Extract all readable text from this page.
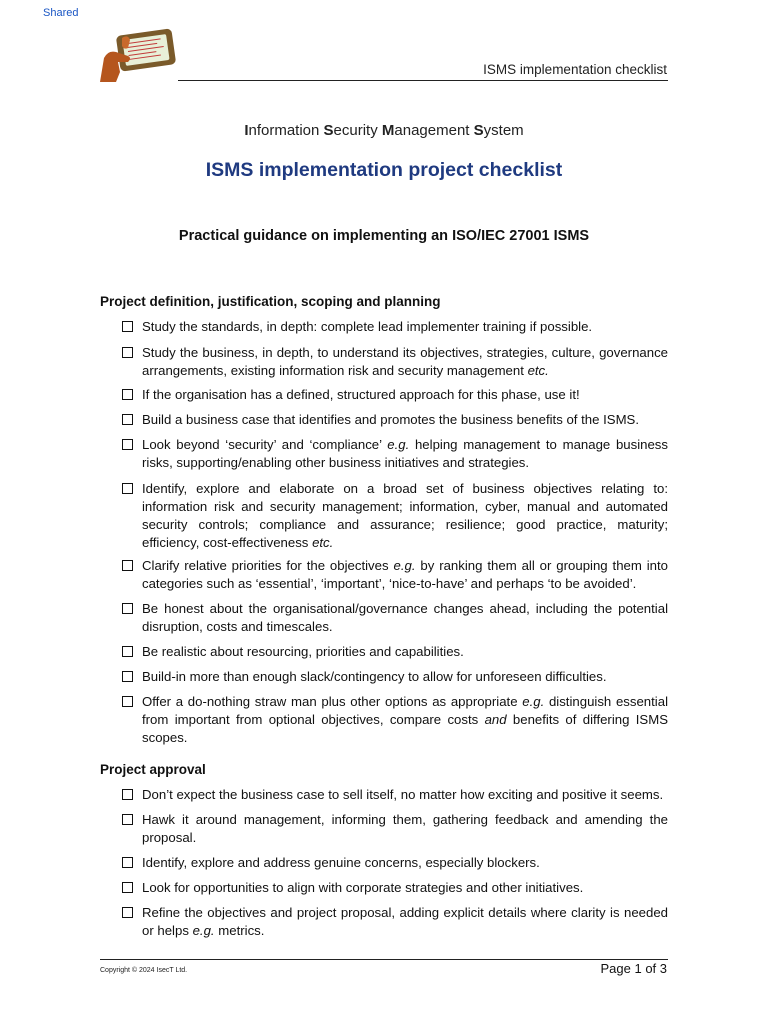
Shared
ISMS implementation checklist
Information Security Management System
ISMS implementation project checklist
Practical guidance on implementing an ISO/IEC 27001 ISMS
Project definition, justification, scoping and planning
Study the standards, in depth: complete lead implementer training if possible.
Study the business, in depth, to understand its objectives, strategies, culture, governance arrangements, existing information risk and security management etc.
If the organisation has a defined, structured approach for this phase, use it!
Build a business case that identifies and promotes the business benefits of the ISMS.
Look beyond ‘security’ and ‘compliance’ e.g. helping management to manage business risks, supporting/enabling other business initiatives and strategies.
Identify, explore and elaborate on a broad set of business objectives relating to: information risk and security management; information, cyber, manual and automated security controls; compliance and assurance; resilience; good practice, maturity; efficiency, cost-effectiveness etc.
Clarify relative priorities for the objectives e.g. by ranking them all or grouping them into categories such as ‘essential’, ‘important’, ‘nice-to-have’ and perhaps ‘to be avoided’.
Be honest about the organisational/governance changes ahead, including the potential disruption, costs and timescales.
Be realistic about resourcing, priorities and capabilities.
Build-in more than enough slack/contingency to allow for unforeseen difficulties.
Offer a do-nothing straw man plus other options as appropriate e.g. distinguish essential from important from optional objectives, compare costs and benefits of differing ISMS scopes.
Project approval
Don’t expect the business case to sell itself, no matter how exciting and positive it seems.
Hawk it around management, informing them, gathering feedback and amending the proposal.
Identify, explore and address genuine concerns, especially blockers.
Look for opportunities to align with corporate strategies and other initiatives.
Refine the objectives and project proposal, adding explicit details where clarity is needed or helps e.g. metrics.
Copyright © 2024 IsecT Ltd.	Page 1 of 3
